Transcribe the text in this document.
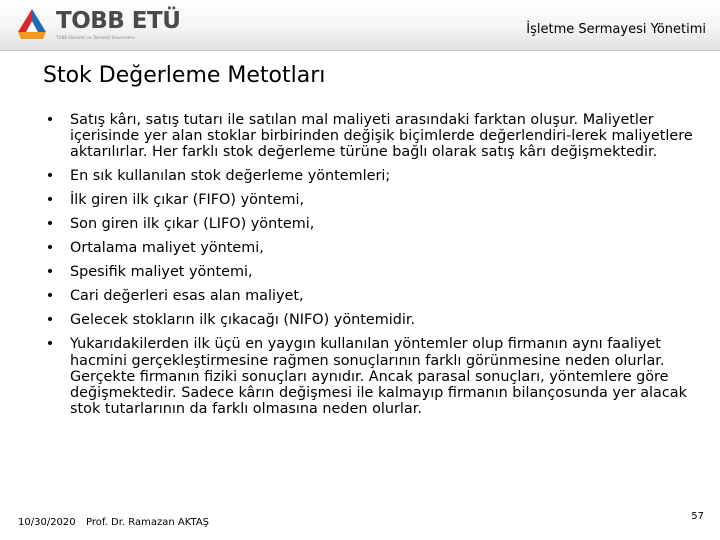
TOBB ETÜ
TOBB Ekonomi ve Teknoloji Üniversitesi
İşletme Sermayesi Yönetimi
Stok Değerleme Metotları
• Satış kârı, satış tutarı ile satılan mal maliyeti arasındaki farktan oluşur. Maliyetler içerisinde yer alan stoklar birbirinden değişik biçimlerde değerlendiri-lerek maliyetlere aktarılırlar. Her farklı stok değerleme türüne bağlı olarak satış kârı değişmektedir.
• En sık kullanılan stok değerleme yöntemleri;
• İlk giren ilk çıkar (FIFO) yöntemi,
• Son giren ilk çıkar (LIFO) yöntemi,
• Ortalama maliyet yöntemi,
• Spesifik maliyet yöntemi,
• Cari değerleri esas alan maliyet,
• Gelecek stokların ilk çıkacağı (NIFO) yöntemidir.
• Yukarıdakilerden ilk üçü en yaygın kullanılan yöntemler olup firmanın aynı faaliyet hacmini gerçekleştirmesine rağmen sonuçlarının farklı görünmesine neden olurlar. Gerçekte firmanın fiziki sonuçları aynıdır. Ancak parasal sonuçları, yöntemlere göre değişmektedir. Sadece kârın değişmesi ile kalmayıp firmanın bilançosunda yer alacak stok tutarlarının da farklı olmasına neden olurlar.
10/30/2020 Prof. Dr. Ramazan AKTAŞ
57
